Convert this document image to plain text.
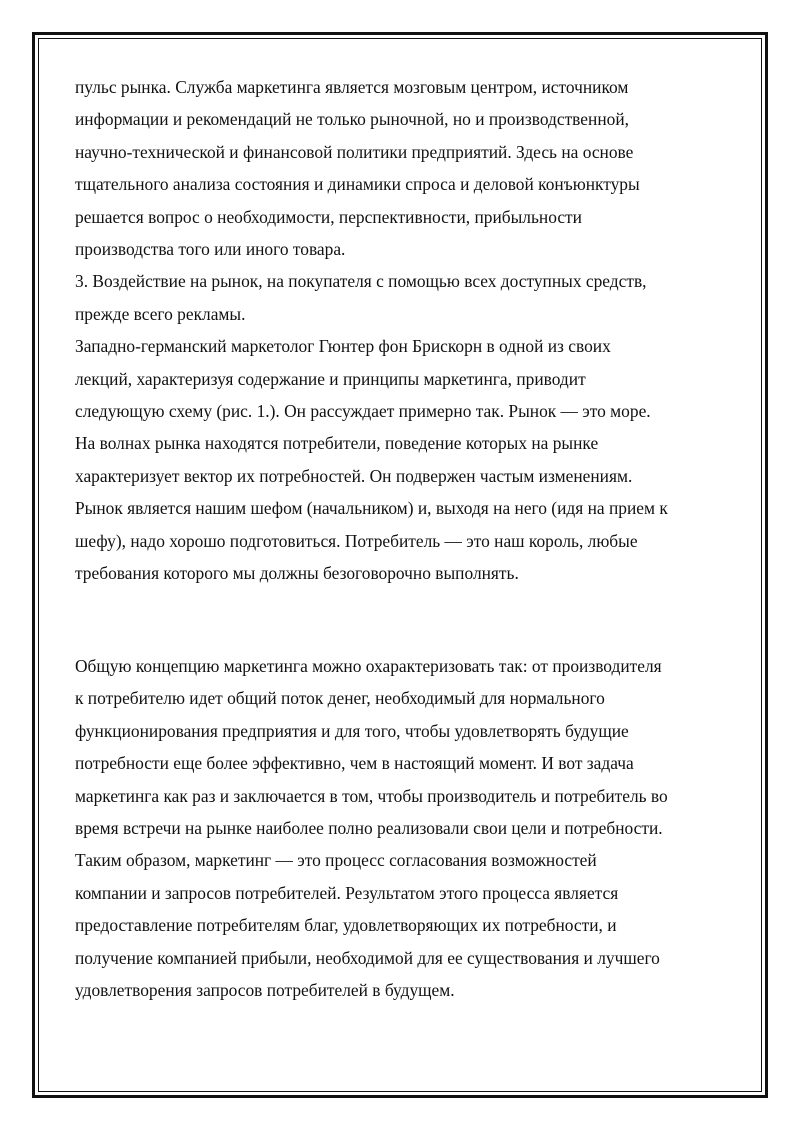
пульс рынка. Служба маркетинга является мозговым центром, источником

информации и рекомендаций не только рыночной, но и производственной,

научно-технической и финансовой политики предприятий. Здесь на основе

тщательного анализа состояния и динамики спроса и деловой конъюнктуры

решается вопрос о необходимости, перспективности, прибыльности

производства того или иного товара.

3. Воздействие на рынок, на покупателя с помощью всех доступных средств,

прежде всего рекламы.

Западно-германский маркетолог Гюнтер фон Брискорн в одной из своих

лекций, характеризуя содержание и принципы маркетинга, приводит

следующую схему (рис. 1.). Он рассуждает примерно так. Рынок — это море.

На волнах рынка находятся потребители, поведение которых на рынке

характеризует вектор их потребностей. Он подвержен частым изменениям.

Рынок является нашим шефом (начальником) и, выходя на него (идя на прием к

шефу), надо хорошо подготовиться. Потребитель — это наш король, любые

требования которого мы должны безоговорочно выполнять.

Общую концепцию маркетинга можно охарактеризовать так: от производителя

к потребителю идет общий поток денег, необходимый для нормального

функционирования предприятия и для того, чтобы удовлетворять будущие

потребности еще более эффективно, чем в настоящий момент. И вот задача

маркетинга как раз и заключается в том, чтобы производитель и потребитель во

время встречи на рынке наиболее полно реализовали свои цели и потребности.

Таким образом, маркетинг — это процесс согласования возможностей

компании и запросов потребителей. Результатом этого процесса является

предоставление потребителям благ, удовлетворяющих их потребности, и

получение компанией прибыли, необходимой для ее существования и лучшего

удовлетворения запросов потребителей в будущем.
